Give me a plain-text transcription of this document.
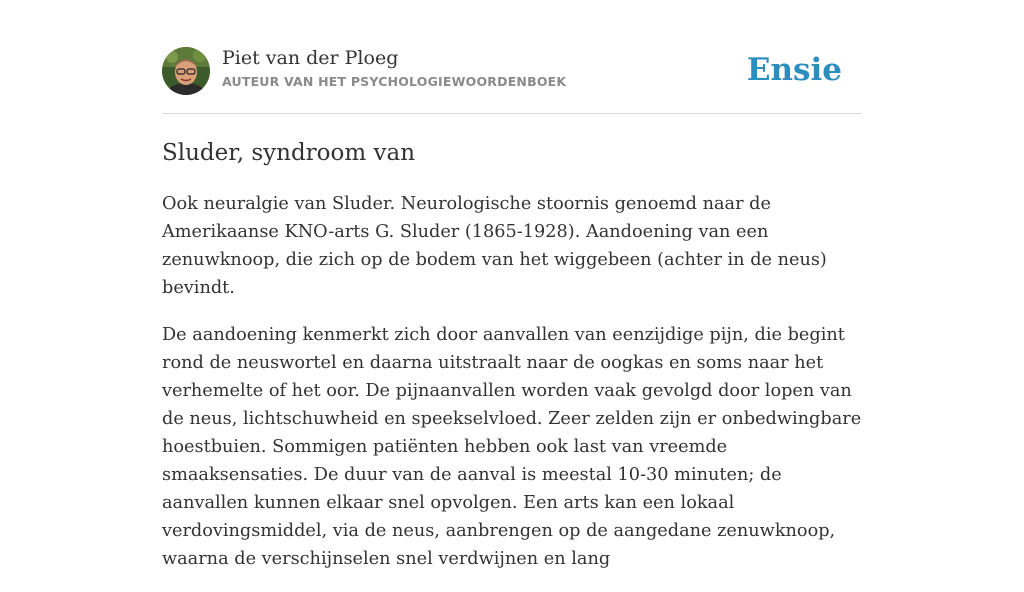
Piet van der Ploeg
AUTEUR VAN HET PSYCHOLOGIEWOORDENBOEK	Ensie
Sluder, syndroom van

Ook neuralgie van Sluder. Neurologische stoornis genoemd naar de Amerikaanse KNO-arts G. Sluder (1865-1928). Aandoening van een zenuwknoop, die zich op de bodem van het wiggebeen (achter in de neus) bevindt.

De aandoening kenmerkt zich door aanvallen van eenzijdige pijn, die begint rond de neuswortel en daarna uitstraalt naar de oogkas en soms naar het verhemelte of het oor. De pijnaanvallen worden vaak gevolgd door lopen van de neus, lichtschuwheid en speekselvloed. Zeer zelden zijn er onbedwingbare hoestbuien. Sommigen patiënten hebben ook last van vreemde smaaksensaties. De duur van de aanval is meestal 10-30 minuten; de aanvallen kunnen elkaar snel opvolgen. Een arts kan een lokaal verdovingsmiddel, via de neus, aanbrengen op de aangedane zenuwknoop, waarna de verschijnselen snel verdwijnen en lang
